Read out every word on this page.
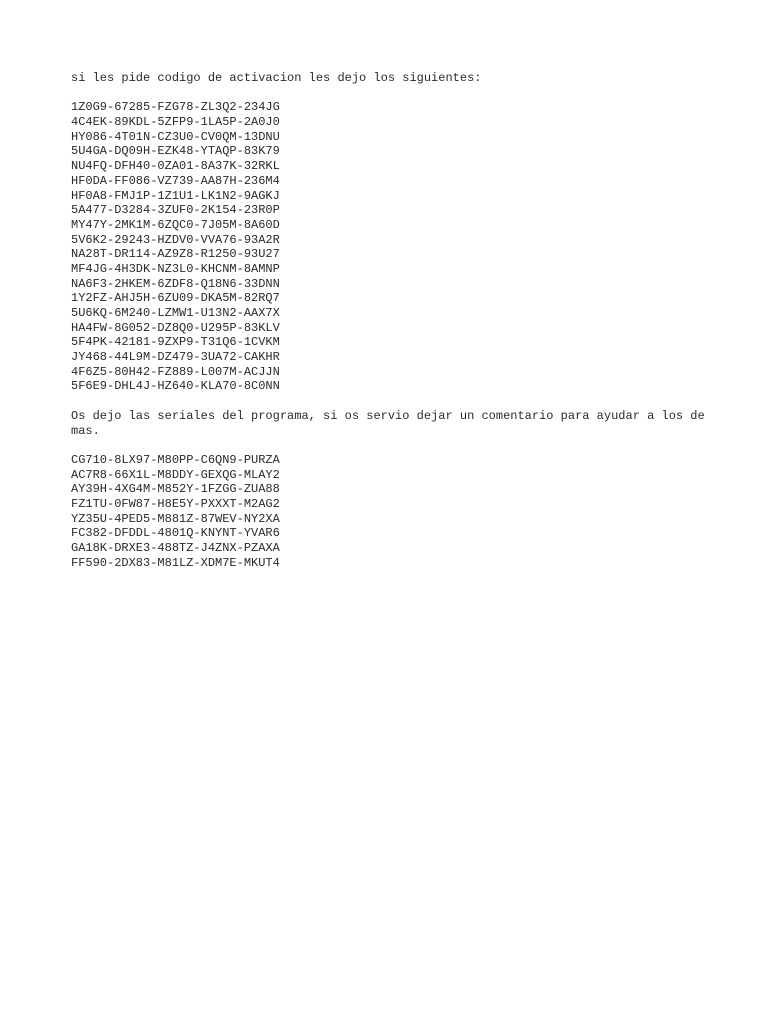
si les pide codigo de activacion les dejo los siguientes:

1Z0G9-67285-FZG78-ZL3Q2-234JG

4C4EK-89KDL-5ZFP9-1LA5P-2A0J0

HY086-4T01N-CZ3U0-CV0QM-13DNU

5U4GA-DQ09H-EZK48-YTAQP-83K79

NU4FQ-DFH40-0ZA01-8A37K-32RKL

HF0DA-FF086-VZ739-AA87H-236M4

HF0A8-FMJ1P-1Z1U1-LK1N2-9AGKJ

5A477-D3284-3ZUF0-2K154-23R0P

MY47Y-2MK1M-6ZQC0-7J05M-8A60D

5V6K2-29243-HZDV0-VVA76-93A2R

NA28T-DR114-AZ9Z8-R1250-93U27

MF4JG-4H3DK-NZ3L0-KHCNM-8AMNP

NA6F3-2HKEM-6ZDF8-Q18N6-33DNN

1Y2FZ-AHJ5H-6ZU09-DKA5M-82RQ7

5U6KQ-6M240-LZMW1-U13N2-AAX7X

HA4FW-8G052-DZ8Q0-U295P-83KLV

5F4PK-42181-9ZXP9-T31Q6-1CVKM

JY468-44L9M-DZ479-3UA72-CAKHR

4F6Z5-80H42-FZ889-L007M-ACJJN

5F6E9-DHL4J-HZ640-KLA70-8C0NN

Os dejo las seriales del programa, si os servio dejar un comentario para ayudar a los de mas.

CG710-8LX97-M80PP-C6QN9-PURZA

AC7R8-66X1L-M8DDY-GEXQG-MLAY2

AY39H-4XG4M-M852Y-1FZGG-ZUA88

FZ1TU-0FW87-H8E5Y-PXXXT-M2AG2

YZ35U-4PED5-M881Z-87WEV-NY2XA

FC382-DFDDL-4801Q-KNYNT-YVAR6

GA18K-DRXE3-488TZ-J4ZNX-PZAXA

FF590-2DX83-M81LZ-XDM7E-MKUT4
